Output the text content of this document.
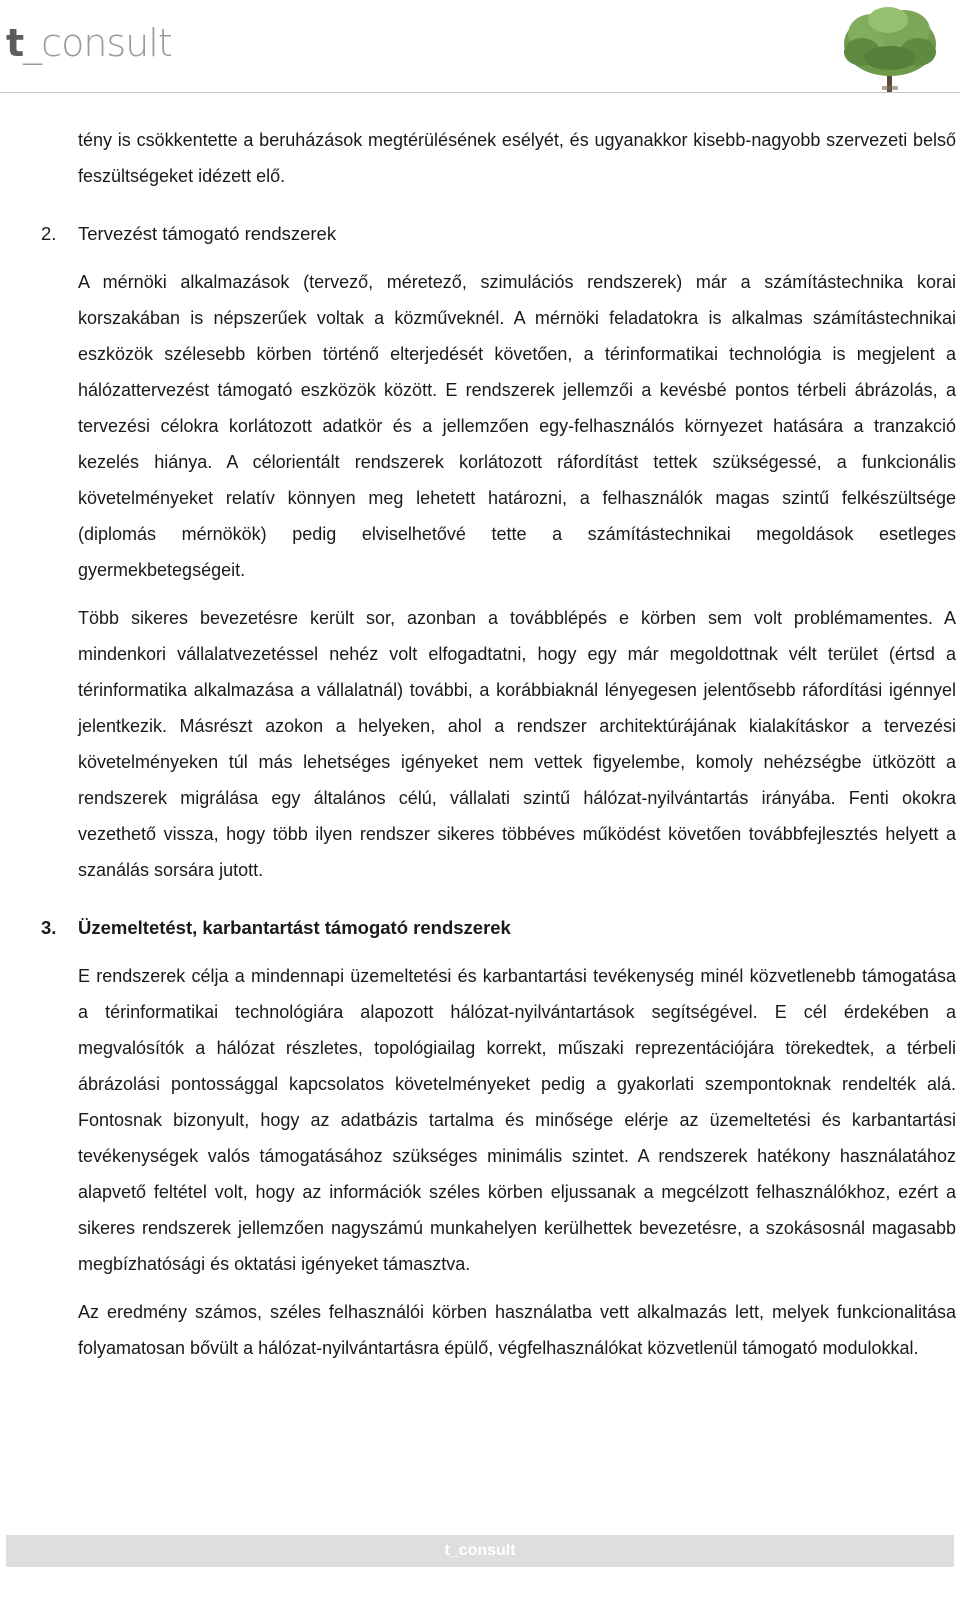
t_consult

tény is csökkentette a beruházások megtérülésének esélyét, és ugyanakkor kisebb-nagyobb szervezeti belső feszültségeket idézett elő.

2. Tervezést támogató rendszerek

A mérnöki alkalmazások (tervező, méretező, szimulációs rendszerek) már a számítástechnika korai korszakában is népszerűek voltak a közműveknél. A mérnöki feladatokra is alkalmas számítástechnikai eszközök szélesebb körben történő elterjedését követően, a térinformatikai technológia is megjelent a hálózattervezést támogató eszközök között. E rendszerek jellemzői a kevésbé pontos térbeli ábrázolás, a tervezési célokra korlátozott adatkör és a jellemzően egy-felhasználós környezet hatására a tranzakció kezelés hiánya. A célorientált rendszerek korlátozott ráfordítást tettek szükségessé, a funkcionális követelményeket relatív könnyen meg lehetett határozni, a felhasználók magas szintű felkészültsége (diplomás mérnökök) pedig elviselhetővé tette a számítástechnikai megoldások esetleges gyermekbetegségeit.

Több sikeres bevezetésre került sor, azonban a továbblépés e körben sem volt problémamentes. A mindenkori vállalatvezetéssel nehéz volt elfogadtatni, hogy egy már megoldottnak vélt terület (értsd a térinformatika alkalmazása a vállalatnál) további, a korábbiaknál lényegesen jelentősebb ráfordítási igénnyel jelentkezik. Másrészt azokon a helyeken, ahol a rendszer architektúrájának kialakításkor a tervezési követelményeken túl más lehetséges igényeket nem vettek figyelembe, komoly nehézségbe ütközött a rendszerek migrálása egy általános célú, vállalati szintű hálózat-nyilvántartás irányába. Fenti okokra vezethető vissza, hogy több ilyen rendszer sikeres többéves működést követően továbbfejlesztés helyett a szanálás sorsára jutott.

3. Üzemeltetést, karbantartást támogató rendszerek

E rendszerek célja a mindennapi üzemeltetési és karbantartási tevékenység minél közvetlenebb támogatása a térinformatikai technológiára alapozott hálózat-nyilvántartások segítségével. E cél érdekében a megvalósítók a hálózat részletes, topológiailag korrekt, műszaki reprezentációjára törekedtek, a térbeli ábrázolási pontossággal kapcsolatos követelményeket pedig a gyakorlati szempontoknak rendelték alá. Fontosnak bizonyult, hogy az adatbázis tartalma és minősége elérje az üzemeltetési és karbantartási tevékenységek valós támogatásához szükséges minimális szintet. A rendszerek hatékony használatához alapvető feltétel volt, hogy az információk széles körben eljussanak a megcélzott felhasználókhoz, ezért a sikeres rendszerek jellemzően nagyszámú munkahelyen kerülhettek bevezetésre, a szokásosnál magasabb megbízhatósági és oktatási igényeket támasztva.

Az eredmény számos, széles felhasználói körben használatba vett alkalmazás lett, melyek funkcionalitása folyamatosan bővült a hálózat-nyilvántartásra épülő, végfelhasználókat közvetlenül támogató modulokkal.

t_consult
